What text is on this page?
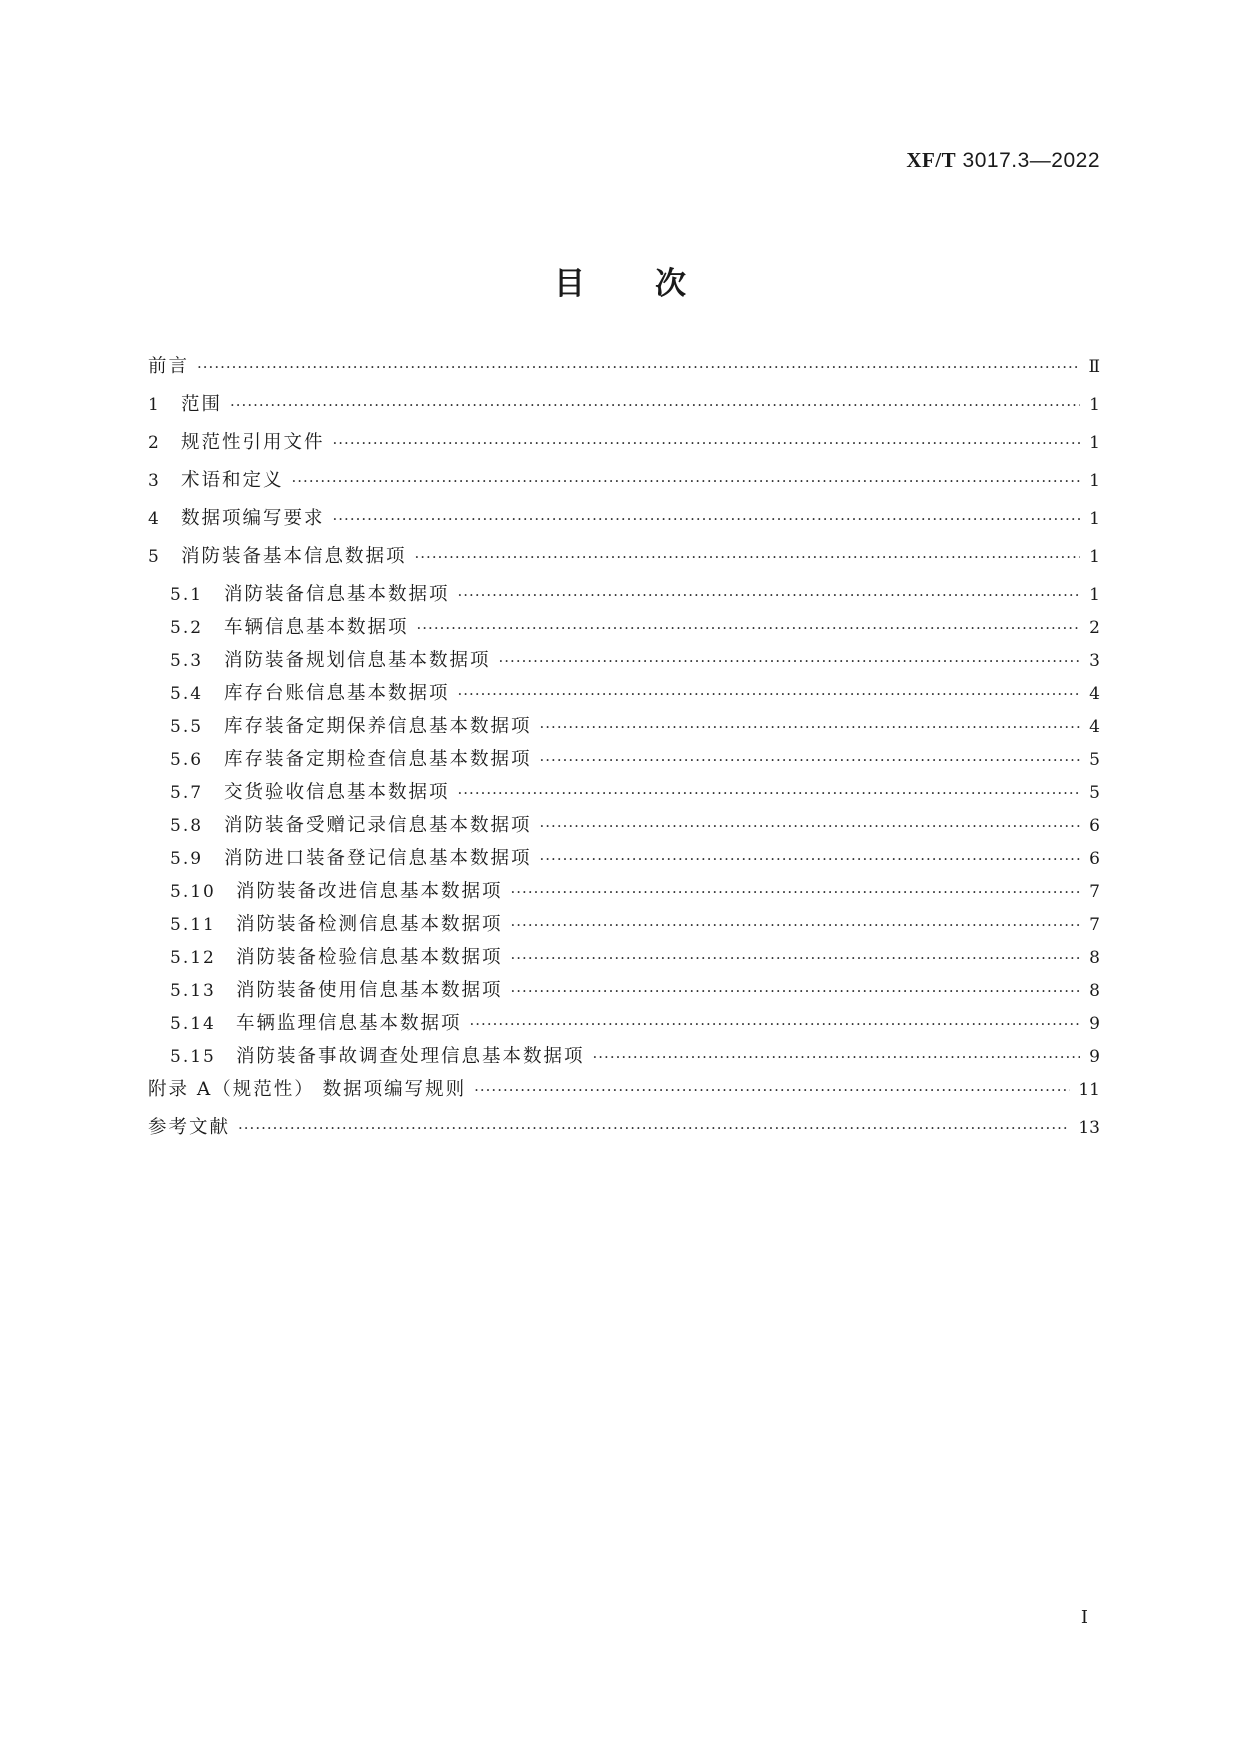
XF/T 3017.3—2022
目 次
前言 ·····	Ⅱ
1	范围 ·····	1
2	规范性引用文件 ·····	1
3	术语和定义 ·····	1
4	数据项编写要求 ·····	1
5	消防装备基本信息数据项 ·····	1
5.1	消防装备信息基本数据项 ·····	1
5.2	车辆信息基本数据项 ·····	2
5.3	消防装备规划信息基本数据项 ·····	3
5.4	库存台账信息基本数据项 ·····	4
5.5	库存装备定期保养信息基本数据项 ·····	4
5.6	库存装备定期检查信息基本数据项 ·····	5
5.7	交货验收信息基本数据项 ·····	5
5.8	消防装备受赠记录信息基本数据项 ·····	6
5.9	消防进口装备登记信息基本数据项 ·····	6
5.10	消防装备改进信息基本数据项 ·····	7
5.11	消防装备检测信息基本数据项 ·····	7
5.12	消防装备检验信息基本数据项 ·····	8
5.13	消防装备使用信息基本数据项 ·····	8
5.14	车辆监理信息基本数据项 ·····	9
5.15	消防装备事故调查处理信息基本数据项 ·····	9
附录 A（规范性） 数据项编写规则 ·····	11
参考文献 ·····	13
I
